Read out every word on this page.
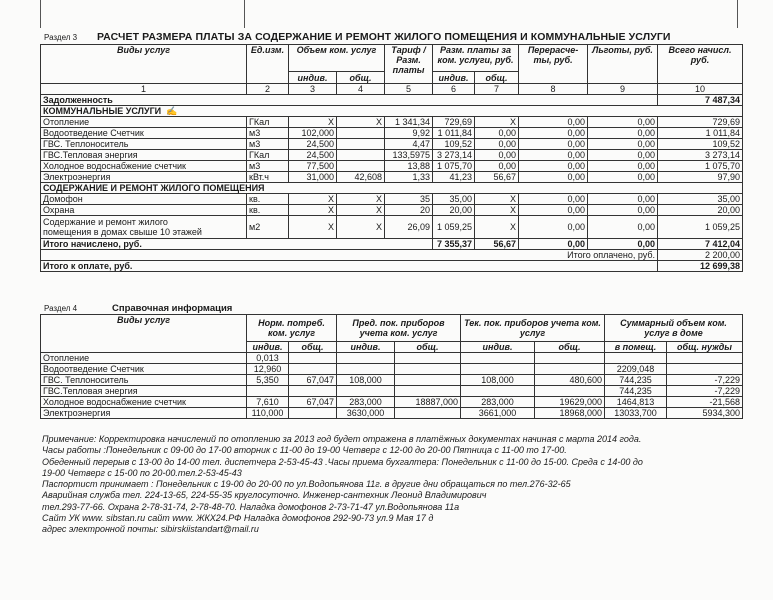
Раздел 3 РАСЧЕТ РАЗМЕРА ПЛАТЫ ЗА СОДЕРЖАНИЕ И РЕМОНТ ЖИЛОГО ПОМЕЩЕНИЯ И КОММУНАЛЬНЫЕ УСЛУГИ
Виды услуг	Ед.изм.	Объем ком. услуг		Тариф / Разм. платы	Разм. платы за ком. услуги, руб.		Перерасче-ты, руб.	Льготы, руб.	Всего начисл. руб.
		индив.	общ.		индив.	общ.			
1	2	3	4	5	6	7	8	9	10
Задолженность									7 487,34
КОММУНАЛЬНЫЕ УСЛУГИ ✍									
Отопление	ГКал	X	X	1 341,34	729,69	X	0,00	0,00	729,69
Водоотведение Счетчик	м3	102,000		9,92	1 011,84	0,00	0,00	0,00	1 011,84
ГВС. Теплоноситель	м3	24,500		4,47	109,52	0,00	0,00	0,00	109,52
ГВС.Тепловая энергия	ГКал	24,500		133,5975	3 273,14	0,00	0,00	0,00	3 273,14
Холодное водоснабжение счетчик	м3	77,500		13,88	1 075,70	0,00	0,00	0,00	1 075,70
Электроэнергия	кВт.ч	31,000	42,608	1,33	41,23	56,67	0,00	0,00	97,90
СОДЕРЖАНИЕ И РЕМОНТ ЖИЛОГО ПОМЕЩЕНИЯ									
Домофон	кв.	X	X	35	35,00	X	0,00	0,00	35,00
Охрана	кв.	X	X	20	20,00	X	0,00	0,00	20,00
Содержание и ремонт жилого
помещения в домах свыше 10 этажей	м2	X	X	26,09	1 059,25	X	0,00	0,00	1 059,25
Итого начислено, руб.					7 355,37	56,67	0,00	0,00	7 412,04
Итого оплачено, руб.									2 200,00
Итого к оплате, руб.									12 699,38
Раздел 4	Справочная информация
Виды услуг	Норм. потреб. ком. услуг		Пред. пок. приборов учета ком. услуг		Тек. пок. приборов учета ком. услуг		Суммарный объем ком. услуг в доме	
	индив.	общ.	индив.	общ.	индив.	общ.	в помещ.	общ. нужды
Отопление	0,013							
Водоотведение Счетчик	12,960						2209,048	
ГВС. Теплоноситель	5,350	67,047	108,000		108,000	480,600	744,235	-7,229
ГВС.Тепловая энергия							744,235	-7,229
Холодное водоснабжение счетчик	7,610	67,047	283,000	18887,000	283,000	19629,000	1464,813	-21,568
Электроэнергия	110,000		3630,000		3661,000	18968,000	13033,700	5934,300
Примечание: Корректировка начислений по отоплению за 2013 год будет отражена в платёжных документах начиная с марта 2014 года.
Часы работы :Понедельник с 09-00 до 17-00 вторник с 11-00 до 19-00 Четверг с 12-00 до 20-00 Пятница с 11-00 то 17-00.
Обеденный перерыв с 13-00 до 14-00 тел. диспетчера 2-53-45-43 .Часы приема бухгалтера: Понедельник с 11-00 до 15-00. Среда с 14-00 до
19-00 Четверг с 15-00 по 20-00.тел.2-53-45-43
Паспортист принимает : Понедельник с 19-00 до 20-00 по ул.Водопьянова 11г. в другие дни обращаться по тел.276-32-65
Аварийная служба тел. 224-13-65, 224-55-35 круглосуточно. Инженер-сантехник Леонид Владимирович
тел.293-77-66. Охрана 2-78-31-74, 2-78-48-70. Наладка домофонов 2-73-71-47 ул.Водопьянова 11а
Сайт УК www. sibstan.ru сайт www. ЖКХ24.РФ Наладка домофонов 292-90-73 ул.9 Мая 17 д
адрес электронной почты: sibirskiistandart@mail.ru
